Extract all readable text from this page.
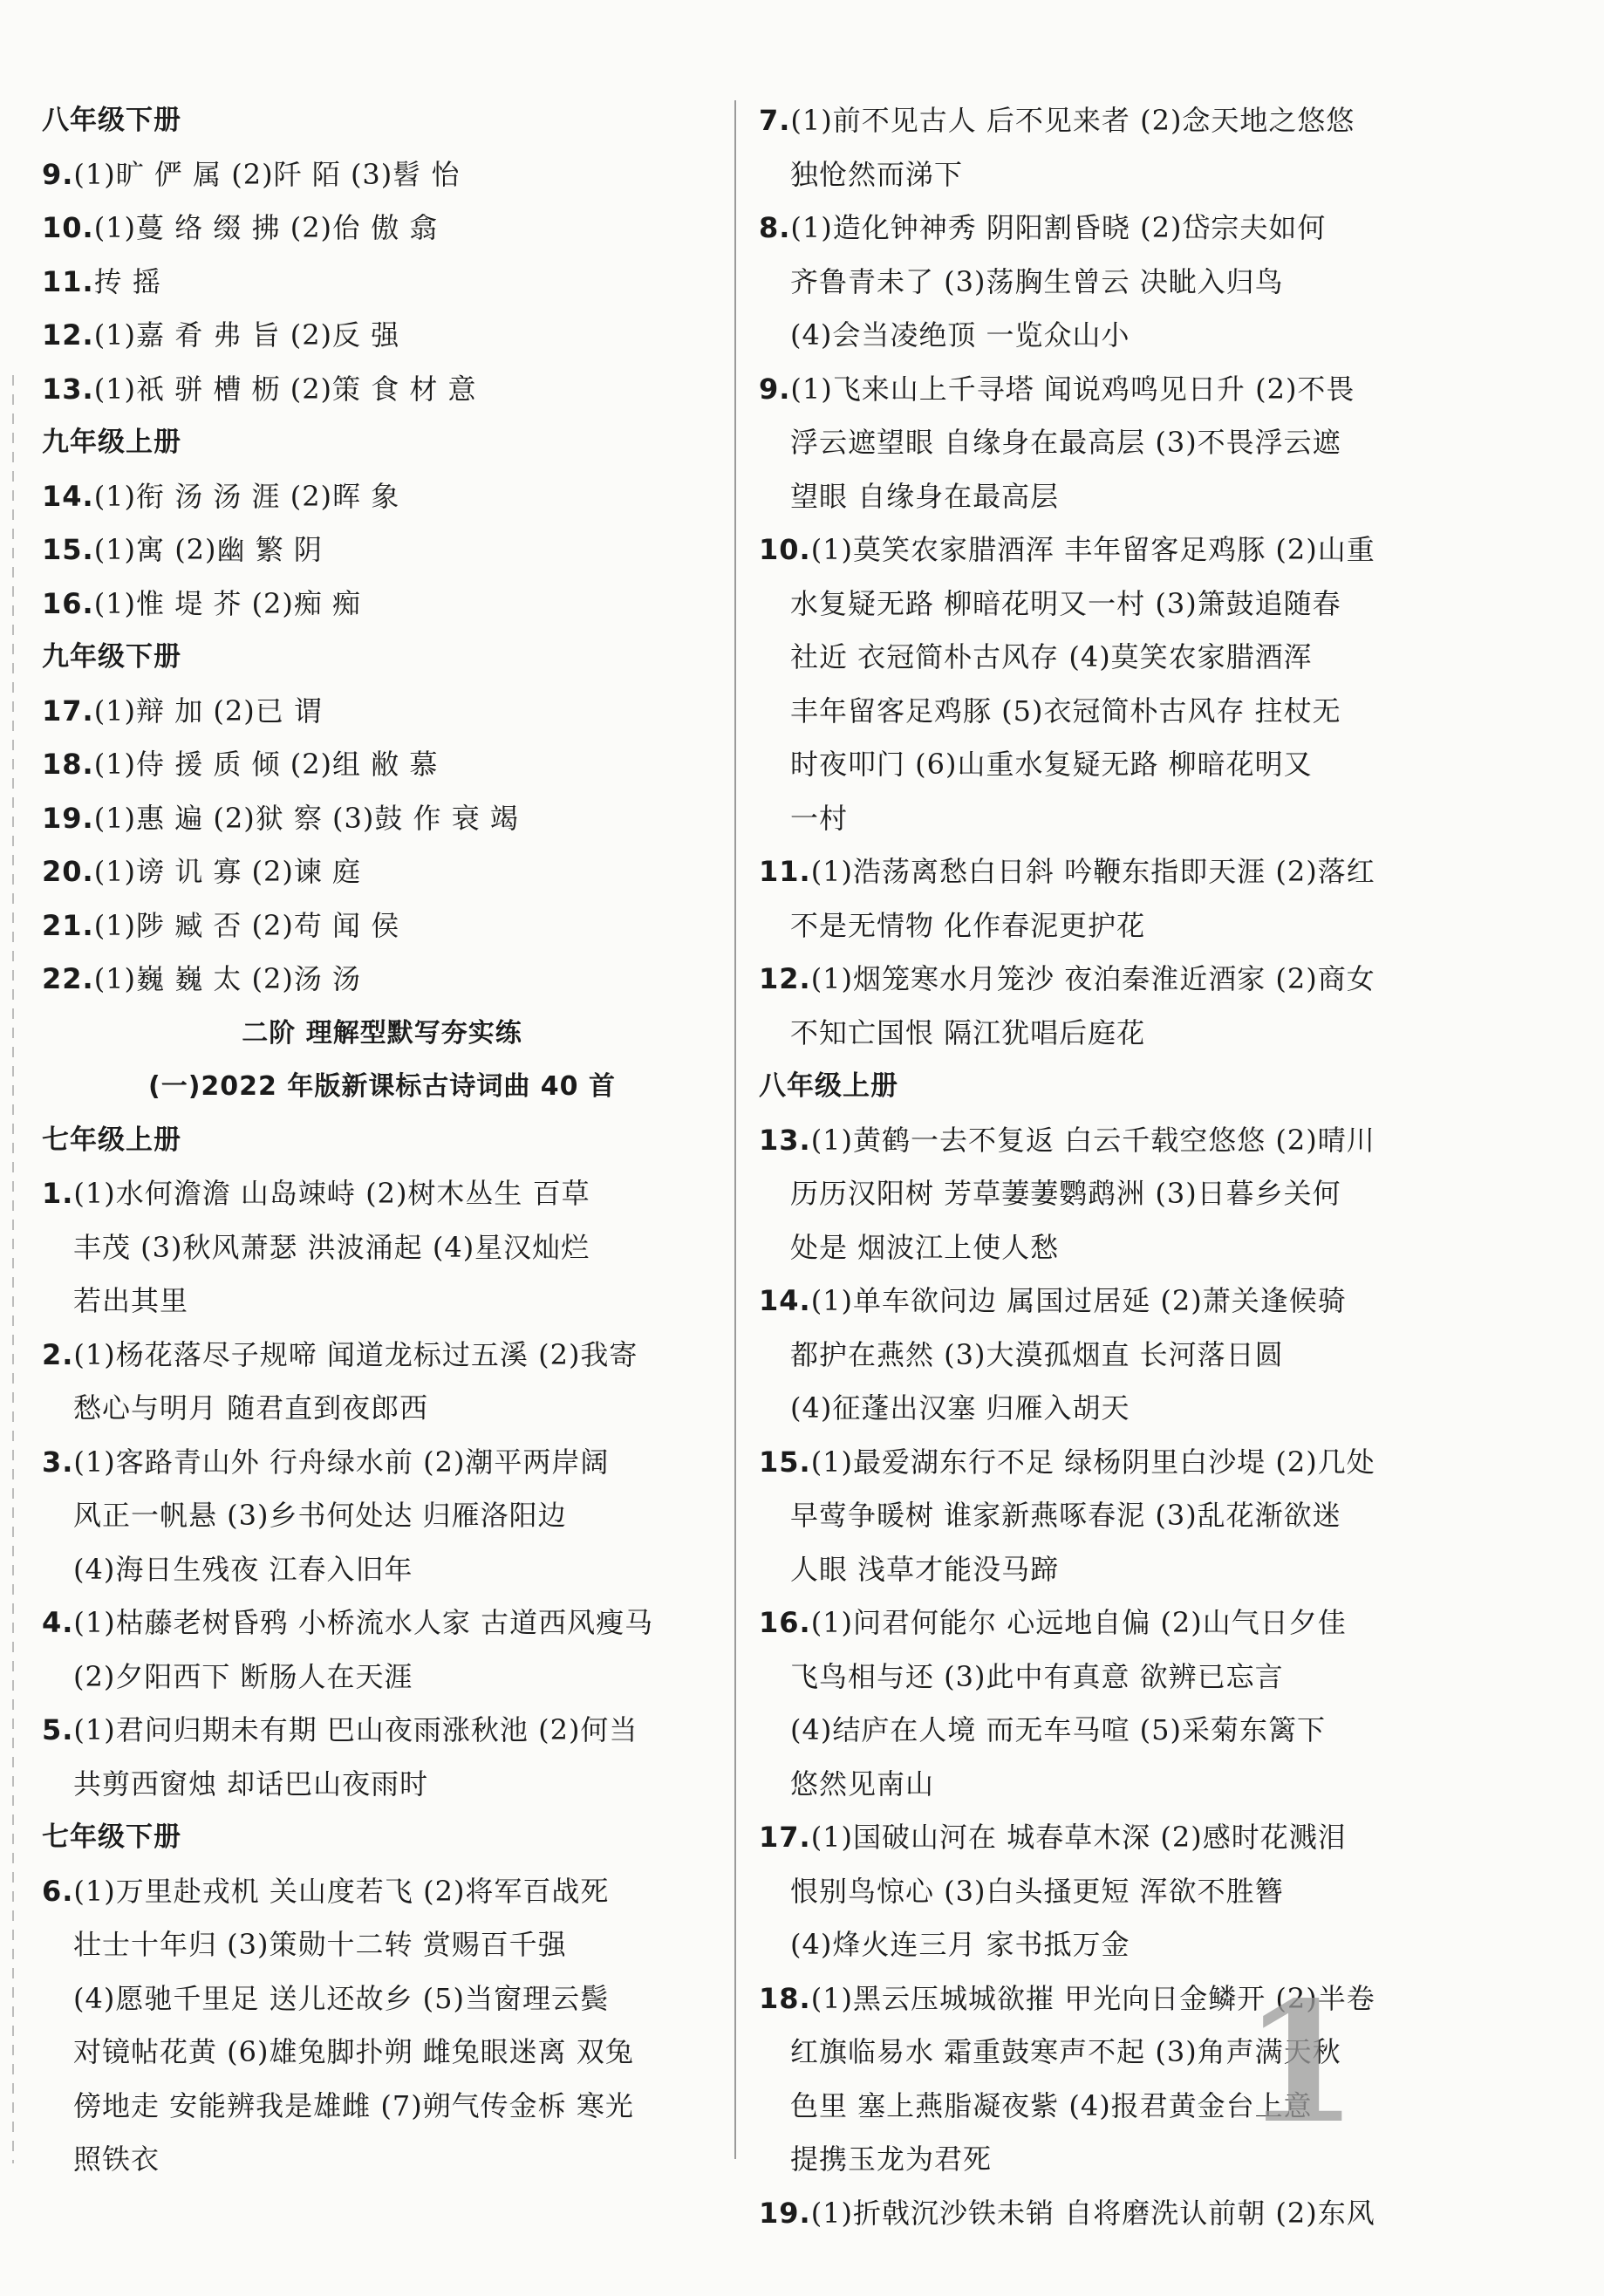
八年级下册
9.(1)旷 俨 属 (2)阡 陌 (3)髫 怡
10.(1)蔓 络 缀 拂 (2)佁 傲 翕
11.抟 摇
12.(1)嘉 肴 弗 旨 (2)反 强
13.(1)祇 骈 槽 枥 (2)策 食 材 意
九年级上册
14.(1)衔 汤 汤 涯 (2)晖 象
15.(1)寓 (2)幽 繁 阴
16.(1)惟 堤 芥 (2)痴 痴
九年级下册
17.(1)辩 加 (2)已 谓
18.(1)侍 援 质 倾 (2)组 敝 慕
19.(1)惠 遍 (2)狱 察 (3)鼓 作 衰 竭
20.(1)谤 讥 寡 (2)谏 庭
21.(1)陟 臧 否 (2)苟 闻 侯
22.(1)巍 巍 太 (2)汤 汤
二阶 理解型默写夯实练
(一)2022 年版新课标古诗词曲 40 首
七年级上册
1.(1)水何澹澹 山岛竦峙 (2)树木丛生 百草
丰茂 (3)秋风萧瑟 洪波涌起 (4)星汉灿烂
若出其里
2.(1)杨花落尽子规啼 闻道龙标过五溪 (2)我寄
愁心与明月 随君直到夜郎西
3.(1)客路青山外 行舟绿水前 (2)潮平两岸阔
风正一帆悬 (3)乡书何处达 归雁洛阳边
(4)海日生残夜 江春入旧年
4.(1)枯藤老树昏鸦 小桥流水人家 古道西风瘦马
(2)夕阳西下 断肠人在天涯
5.(1)君问归期未有期 巴山夜雨涨秋池 (2)何当
共剪西窗烛 却话巴山夜雨时
七年级下册
6.(1)万里赴戎机 关山度若飞 (2)将军百战死
壮士十年归 (3)策勋十二转 赏赐百千强
(4)愿驰千里足 送儿还故乡 (5)当窗理云鬓
对镜帖花黄 (6)雄兔脚扑朔 雌兔眼迷离 双兔
傍地走 安能辨我是雄雌 (7)朔气传金柝 寒光
照铁衣
7.(1)前不见古人 后不见来者 (2)念天地之悠悠
独怆然而涕下
8.(1)造化钟神秀 阴阳割昏晓 (2)岱宗夫如何
齐鲁青未了 (3)荡胸生曾云 决眦入归鸟
(4)会当凌绝顶 一览众山小
9.(1)飞来山上千寻塔 闻说鸡鸣见日升 (2)不畏
浮云遮望眼 自缘身在最高层 (3)不畏浮云遮
望眼 自缘身在最高层
10.(1)莫笑农家腊酒浑 丰年留客足鸡豚 (2)山重
水复疑无路 柳暗花明又一村 (3)箫鼓追随春
社近 衣冠简朴古风存 (4)莫笑农家腊酒浑
丰年留客足鸡豚 (5)衣冠简朴古风存 拄杖无
时夜叩门 (6)山重水复疑无路 柳暗花明又
一村
11.(1)浩荡离愁白日斜 吟鞭东指即天涯 (2)落红
不是无情物 化作春泥更护花
12.(1)烟笼寒水月笼沙 夜泊秦淮近酒家 (2)商女
不知亡国恨 隔江犹唱后庭花
八年级上册
13.(1)黄鹤一去不复返 白云千载空悠悠 (2)晴川
历历汉阳树 芳草萋萋鹦鹉洲 (3)日暮乡关何
处是 烟波江上使人愁
14.(1)单车欲问边 属国过居延 (2)萧关逢候骑
都护在燕然 (3)大漠孤烟直 长河落日圆
(4)征蓬出汉塞 归雁入胡天
15.(1)最爱湖东行不足 绿杨阴里白沙堤 (2)几处
早莺争暖树 谁家新燕啄春泥 (3)乱花渐欲迷
人眼 浅草才能没马蹄
16.(1)问君何能尔 心远地自偏 (2)山气日夕佳
飞鸟相与还 (3)此中有真意 欲辨已忘言
(4)结庐在人境 而无车马喧 (5)采菊东篱下
悠然见南山
17.(1)国破山河在 城春草木深 (2)感时花溅泪
恨别鸟惊心 (3)白头搔更短 浑欲不胜簪
(4)烽火连三月 家书抵万金
18.(1)黑云压城城欲摧 甲光向日金鳞开 (2)半卷
红旗临易水 霜重鼓寒声不起 (3)角声满天秋
色里 塞上燕脂凝夜紫 (4)报君黄金台上意
提携玉龙为君死
19.(1)折戟沉沙铁未销 自将磨洗认前朝 (2)东风
1
